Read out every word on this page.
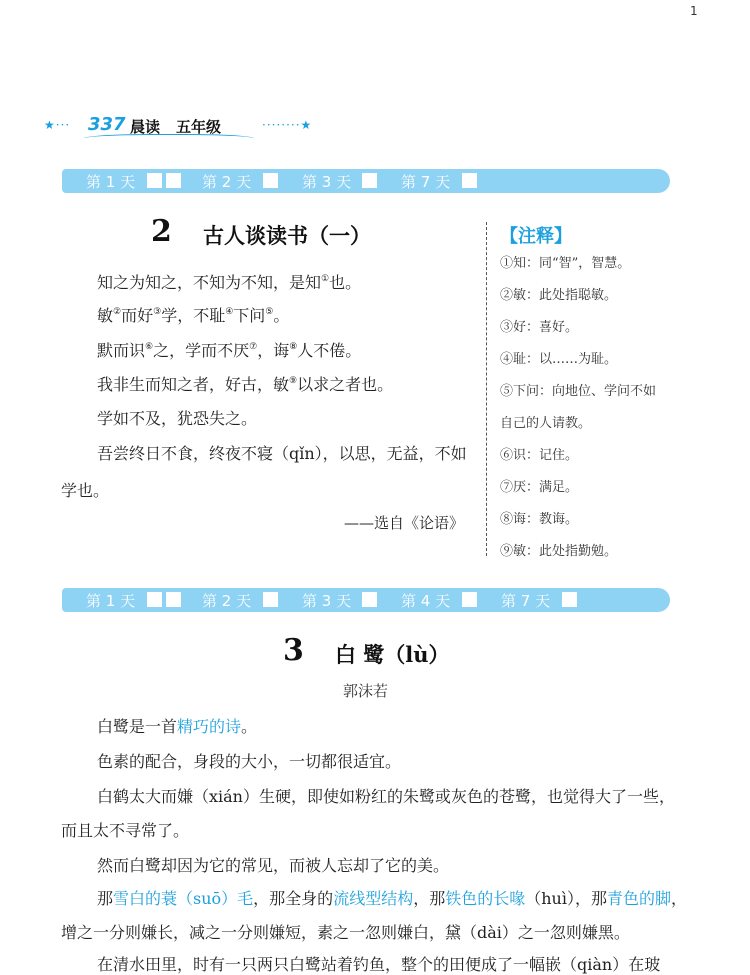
1
★··· 337 晨读 五年级	········★
第 1 天	第 2 天	第 3 天	第 7 天
2 古人谈读书（一）
知之为知之，不知为不知，是知①也。
敏②而好③学，不耻④下问⑤。
默而识⑥之，学而不厌⑦，诲⑧人不倦。
我非生而知之者，好古，敏⑨以求之者也。
学如不及，犹恐失之。
吾尝终日不食，终夜不寝（qǐn），以思，无益，不如
学也。
——选自《论语》
【注释】
①知：同“智”，智慧。
②敏：此处指聪敏。
③好：喜好。
④耻：以……为耻。
⑤下问：向地位、学问不如
自己的人请教。
⑥识：记住。
⑦厌：满足。
⑧诲：教诲。
⑨敏：此处指勤勉。
第 1 天	第 2 天	第 3 天	第 4 天	第 7 天
3 白 鹭（lù）
郭沫若
白鹭是一首精巧的诗。
色素的配合，身段的大小，一切都很适宜。
白鹤太大而嫌（xián）生硬，即使如粉红的朱鹭或灰色的苍鹭，也觉得大了一些，
而且太不寻常了。
然而白鹭却因为它的常见，而被人忘却了它的美。
那雪白的蓑（suō）毛，那全身的流线型结构，那铁色的长喙（huì），那青色的脚，
增之一分则嫌长，减之一分则嫌短，素之一忽则嫌白，黛（dài）之一忽则嫌黑。
在清水田里，时有一只两只白鹭站着钓鱼，整个的田便成了一幅嵌（qiàn）在玻
